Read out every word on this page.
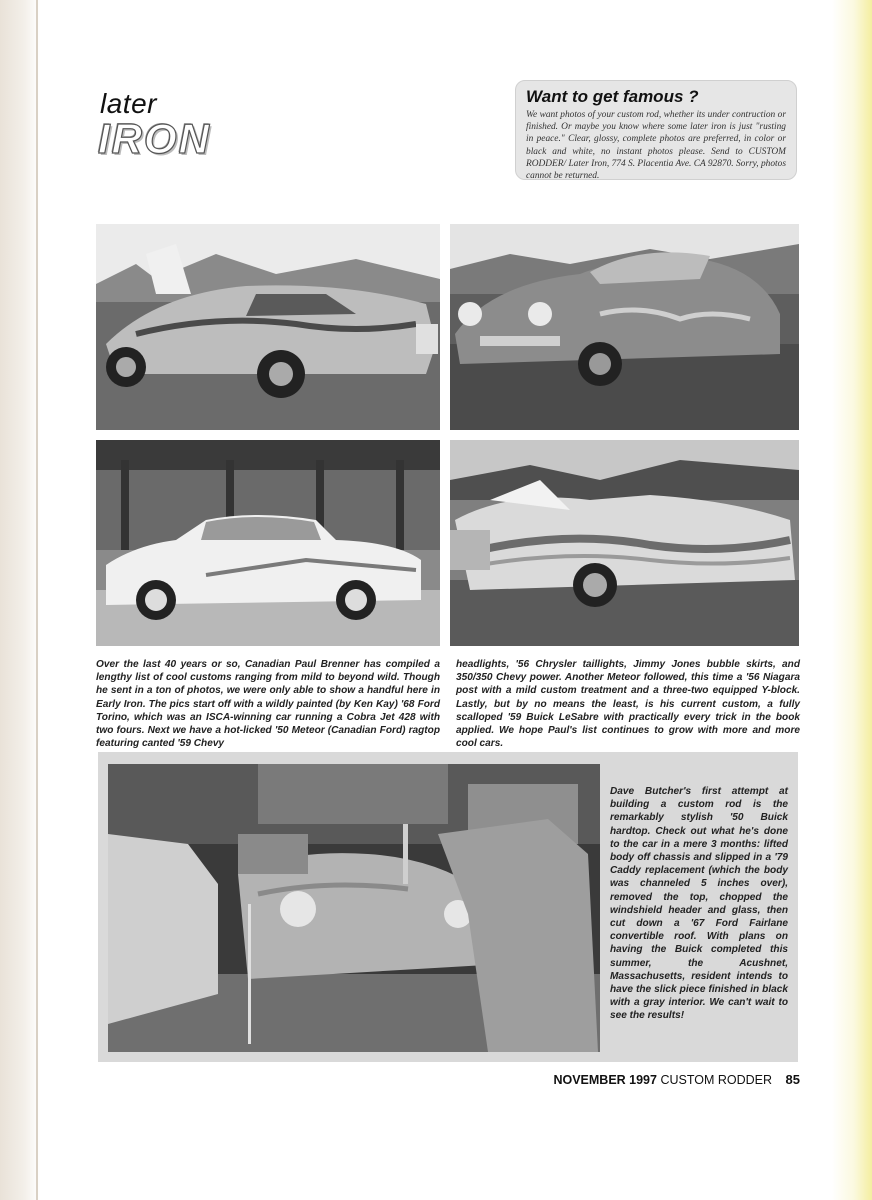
later
IRON

Want to get famous ?

We want photos of your custom rod, whether its under contruction or finished. Or maybe you know where some later iron is just "rusting in peace." Clear, glossy, complete photos are preferred, in color or black and white, no instant photos please. Send to CUSTOM RODDER/ Later Iron, 774 S. Placentia Ave. CA 92870. Sorry, photos cannot be returned.

Over the last 40 years or so, Canadian Paul Brenner has compiled a lengthy list of cool customs ranging from mild to beyond wild. Though he sent in a ton of photos, we were only able to show a handful here in Early Iron. The pics start off with a wildly painted (by Ken Kay) '68 Ford Torino, which was an ISCA-winning car running a Cobra Jet 428 with two fours. Next we have a hot-licked '50 Meteor (Canadian Ford) ragtop featuring canted '59 Chevy

headlights, '56 Chrysler taillights, Jimmy Jones bubble skirts, and 350/350 Chevy power. Another Meteor followed, this time a '56 Niagara post with a mild custom treatment and a three-two equipped Y-block. Lastly, but by no means the least, is his current custom, a fully scalloped '59 Buick LeSabre with practically every trick in the book applied. We hope Paul's list continues to grow with more and more cool cars.

Dave Butcher's first attempt at building a custom rod is the remarkably stylish '50 Buick hardtop. Check out what he's done to the car in a mere 3 months: lifted body off chassis and slipped in a '79 Caddy replacement (which the body was channeled 5 inches over), removed the top, chopped the windshield header and glass, then cut down a '67 Ford Fairlane convertible roof. With plans on having the Buick completed this summer, the Acushnet, Massachusetts, resident intends to have the slick piece finished in black with a gray interior. We can't wait to see the results!

NOVEMBER 1997 CUSTOM RODDER 85
